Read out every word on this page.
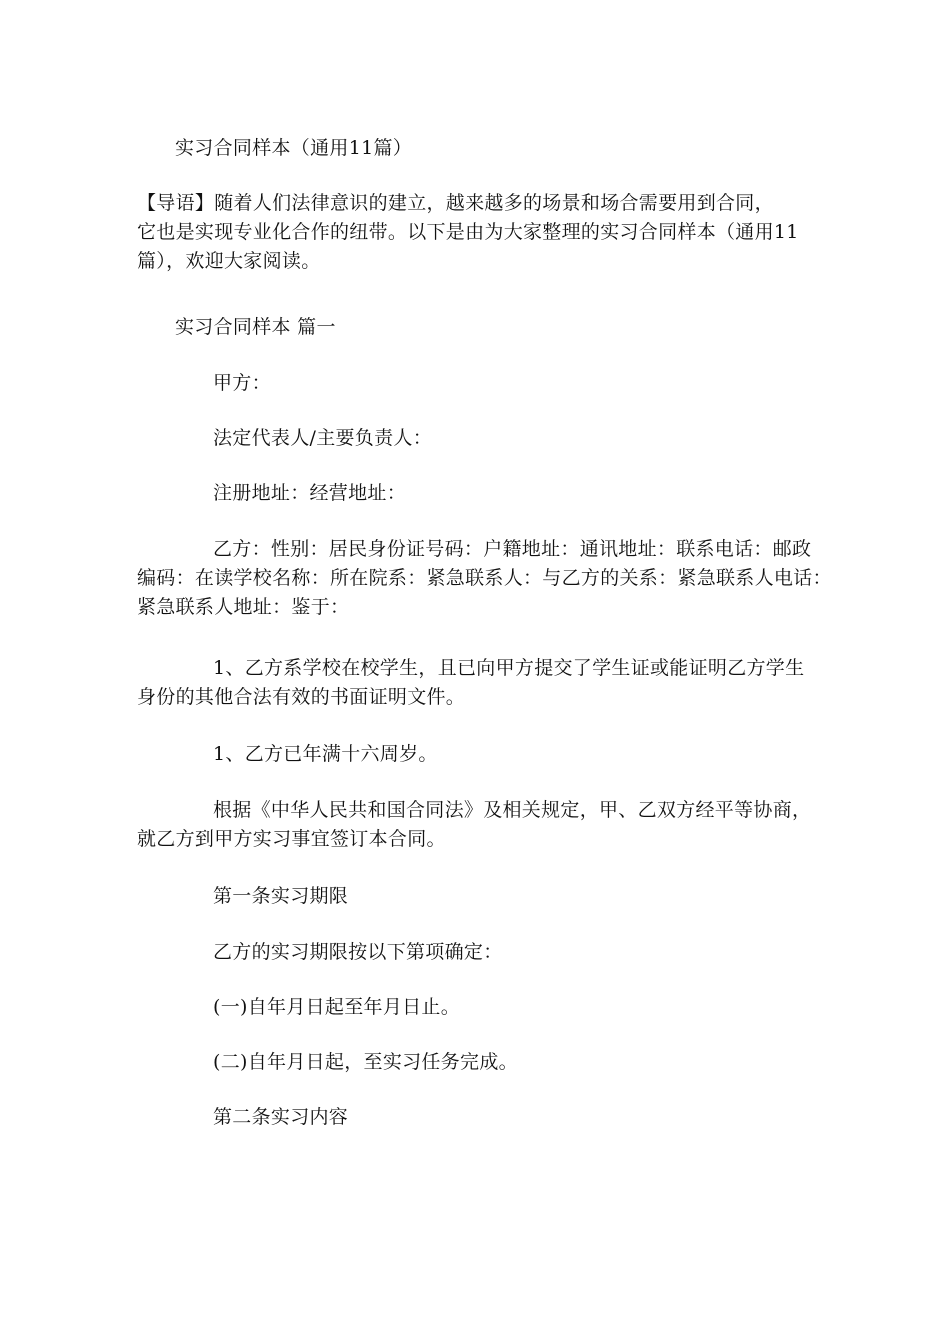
实习合同样本（通用11篇）
【导语】随着人们法律意识的建立，越来越多的场景和场合需要用到合同，
它也是实现专业化合作的纽带。以下是由为大家整理的实习合同样本（通用11
篇），欢迎大家阅读。
实习合同样本 篇一
甲方：
法定代表人/主要负责人：
注册地址：经营地址：
乙方：性别：居民身份证号码：户籍地址：通讯地址：联系电话：邮政
编码：在读学校名称：所在院系：紧急联系人：与乙方的关系：紧急联系人电话：
紧急联系人地址：鉴于：
1、乙方系学校在校学生，且已向甲方提交了学生证或能证明乙方学生
身份的其他合法有效的书面证明文件。
1、乙方已年满十六周岁。
根据《中华人民共和国合同法》及相关规定，甲、乙双方经平等协商，
就乙方到甲方实习事宜签订本合同。
第一条实习期限
乙方的实习期限按以下第项确定：
(一)自年月日起至年月日止。
(二)自年月日起，至实习任务完成。
第二条实习内容
